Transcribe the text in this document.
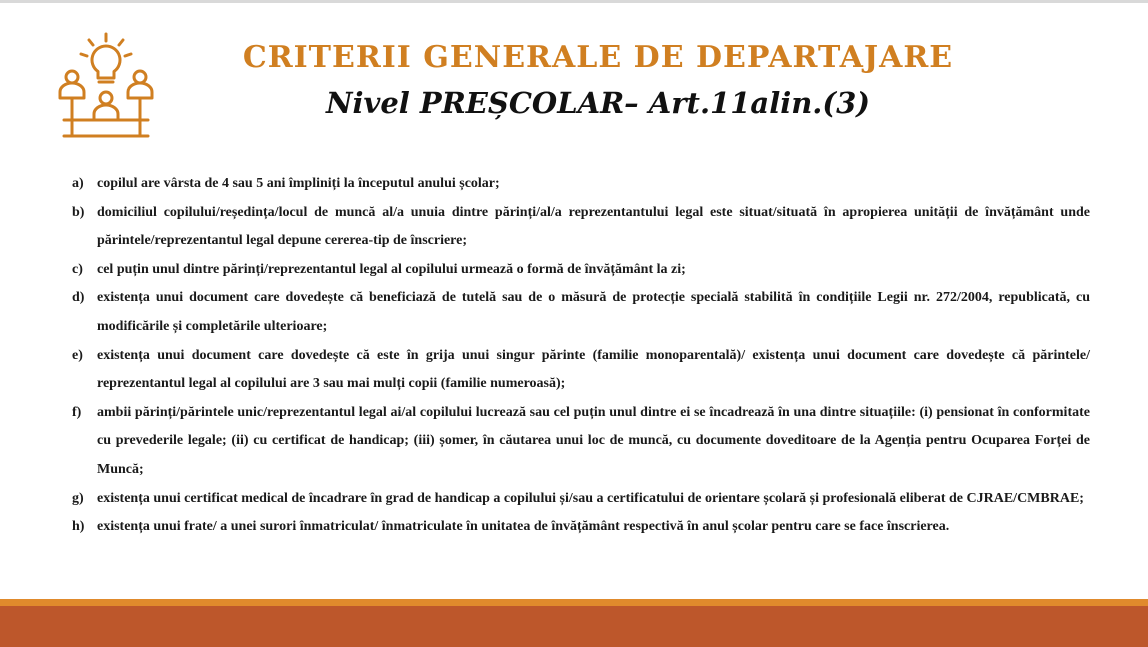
CRITERII GENERALE DE DEPARTAJARE
Nivel PREȘCOLAR– Art.11alin.(3)
a) copilul are vârsta de 4 sau 5 ani împliniți la începutul anului școlar;
b) domiciliul copilului/reședința/locul de muncă al/a unuia dintre părinți/al/a reprezentantului legal este situat/situată în apropierea unității de învățământ unde părintele/reprezentantul legal depune cererea-tip de înscriere;
c) cel puțin unul dintre părinți/reprezentantul legal al copilului urmează o formă de învățământ la zi;
d) existența unui document care dovedește că beneficiază de tutelă sau de o măsură de protecție specială stabilită în condițiile Legii nr. 272/2004, republicată, cu modificările și completările ulterioare;
e) existența unui document care dovedește că este în grija unui singur părinte (familie monoparentală)/ existența unui document care dovedește că părintele/ reprezentantul legal al copilului are 3 sau mai mulți copii (familie numeroasă);
f) ambii părinți/părintele unic/reprezentantul legal ai/al copilului lucrează sau cel puțin unul dintre ei se încadrează în una dintre situațiile: (i) pensionat în conformitate cu prevederile legale; (ii) cu certificat de handicap; (iii) șomer, în căutarea unui loc de muncă, cu documente doveditoare de la Agenția pentru Ocuparea Forței de Muncă;
g) existența unui certificat medical de încadrare în grad de handicap a copilului și/sau a certificatului de orientare școlară și profesională eliberat de CJRAE/CMBRAE;
h) existența unui frate/ a unei surori înmatriculat/ înmatriculate în unitatea de învățământ respectivă în anul școlar pentru care se face înscrierea.
